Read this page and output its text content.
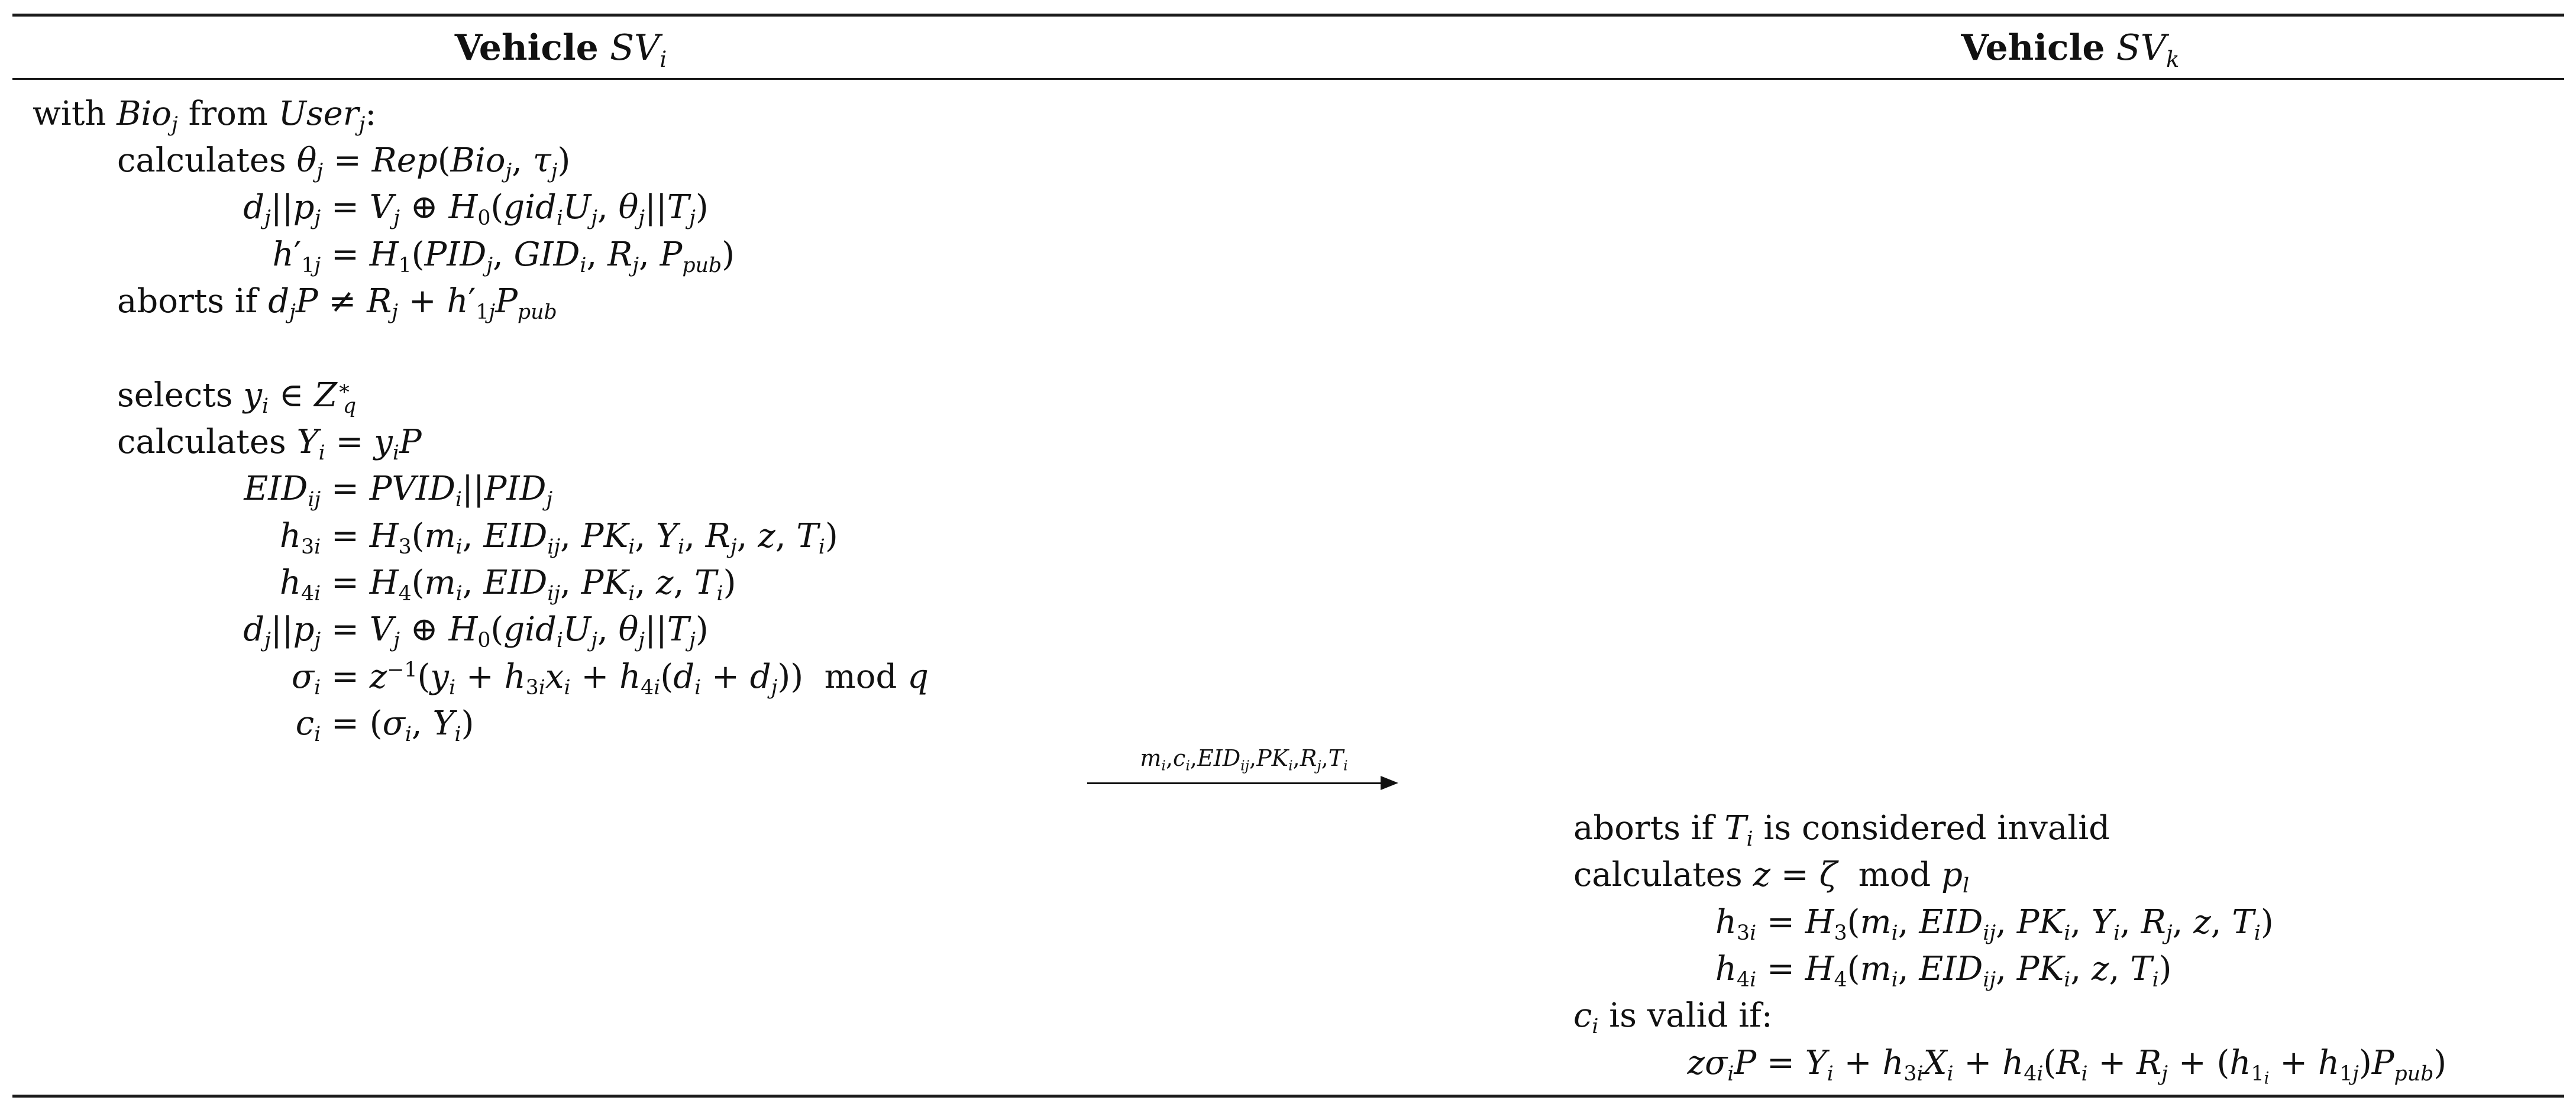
Vehicle $SV_i$	Vehicle $SV_k$
with Bio$_j$ from User$_j$:
calculates $\theta_j = Rep(Bio_j$, $\tau_j$)
$d_j||p_j = V_j$ ⊕ $H_0(gid_iU_j$, $\theta_j||T_j$)
$h'_{1j} = H_1(PID_j$, $GID_i$, $R_j$, $P_{pub}$)
aborts if $d_jP \ne R_j + h'_{1j}P_{pub}$
selects $y_i$ ∈ $Z^∗_q$
calculates $Y_i = y_iP$
$EID_{ij}$ = $PVID_i||PID_j$
$h_{3i} = H_3(m_i$, $EID_{ij}$, $PK_i$, $Y_i$, $R_j$, z, $T_i$)
$h_{4i} = H_4(m_i$, $EID_{ij}$, $PK_i$, z, $T_i$)
$d_j||p_j = V_j$ ⊕ $H_0(gid_iU_j$, $\theta_j||T_j$)
$\sigma_i = z^{-1}(y_i + h_{3i}x_i + h_{4i}(d_i + d_j))$  mod q
$c_i = (\sigma_i$, $Y_i$)
$m_i,c_i,EID_{ij},PK_i,R_j,T_i$
aborts if $T_i$ is considered invalid
calculates z = ζ mod $p_l$
$h_{3i} = H_3(m_i$, $EID_{ij}$, $PK_i$, $Y_i$, $R_j$, z, $T_i$)
$h_{4i} = H_4(m_i$, $EID_{ij}$, $PK_i$, z, $T_i$)
$c_i$ is valid if:
$z\sigma_iP = Y_i + h_{3i}X_i + h_{4i}(R_i + R_j + (h_{1_i} + h_{1j})P_{pub})$
